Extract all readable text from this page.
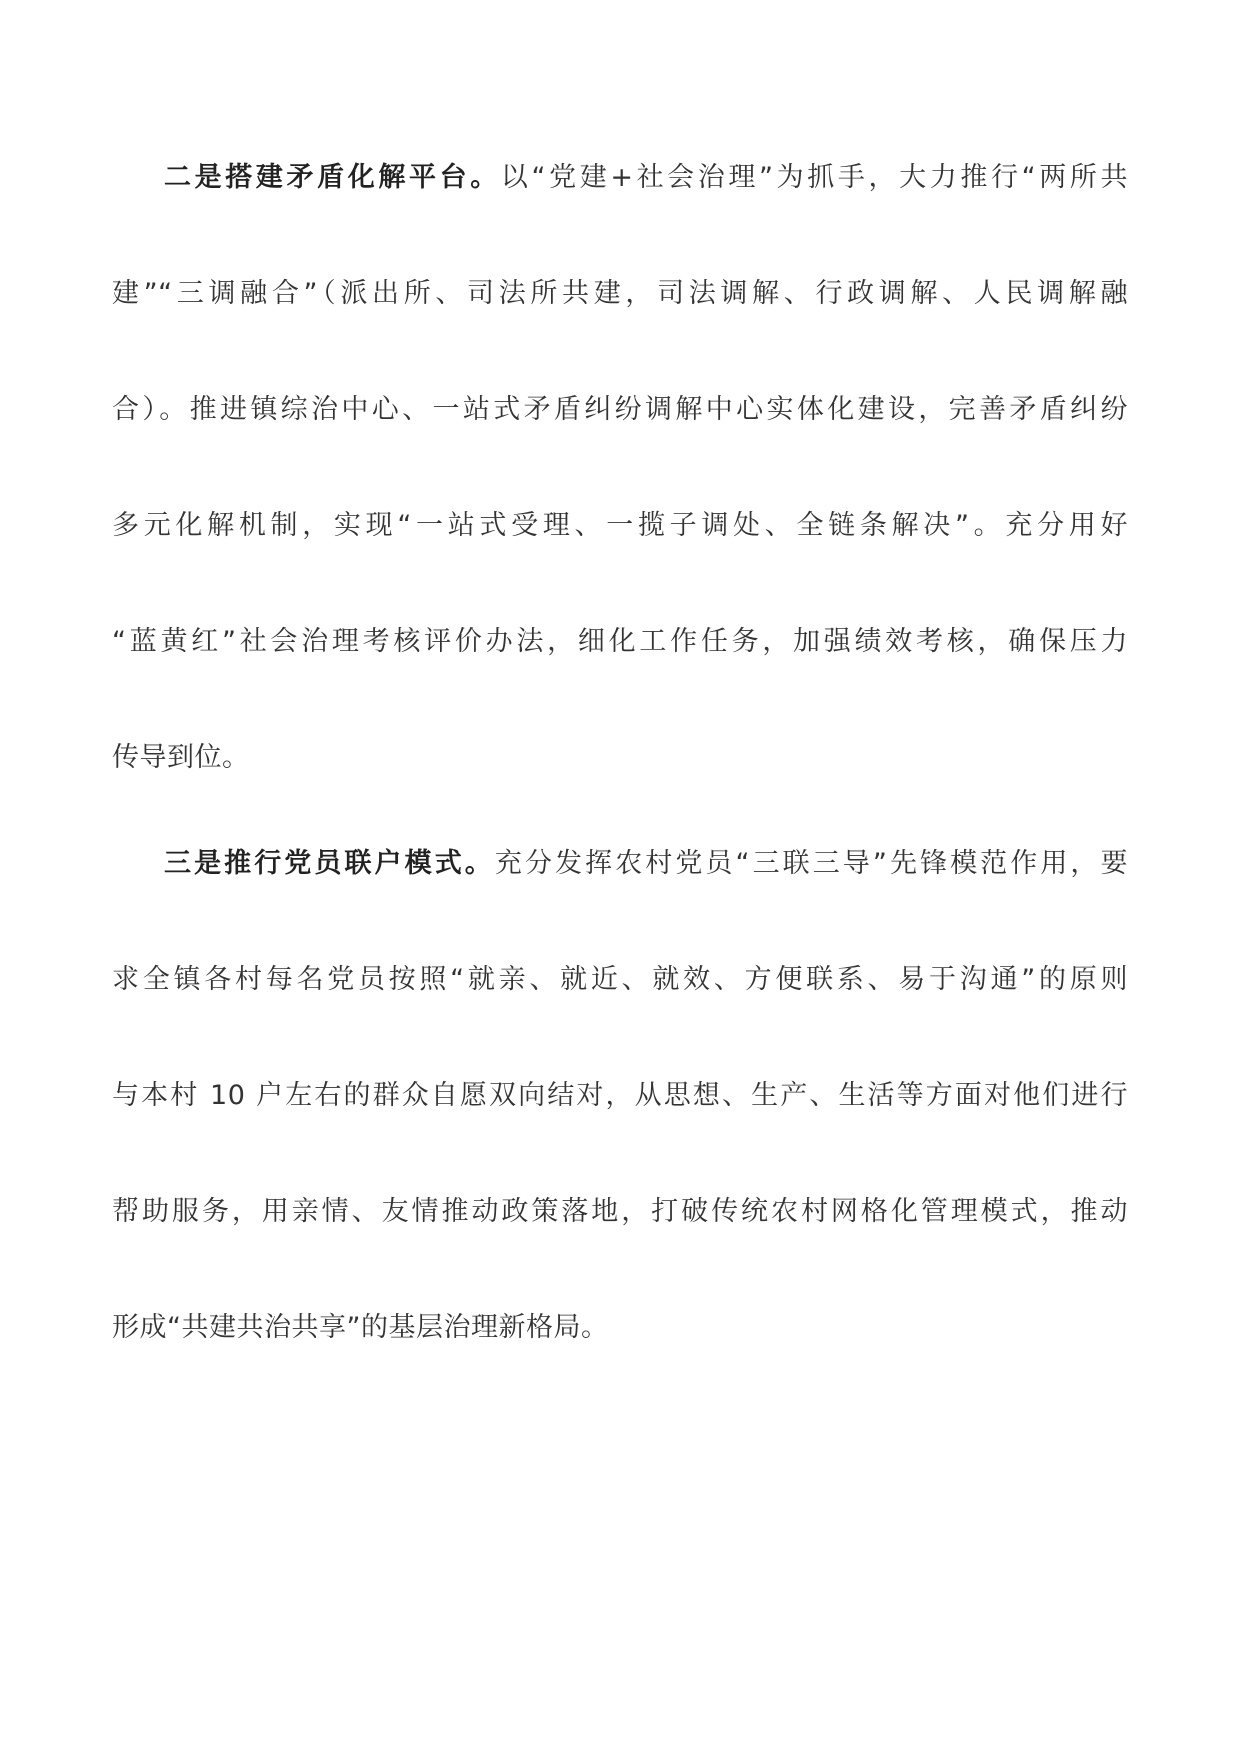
二是搭建矛盾化解平台。以“党建+社会治理”为抓手，大力推行“两所共
建”“三调融合”（派出所、司法所共建，司法调解、行政调解、人民调解融
合）。推进镇综治中心、一站式矛盾纠纷调解中心实体化建设，完善矛盾纠纷
多元化解机制，实现“一站式受理、一揽子调处、全链条解决”。充分用好
“蓝黄红”社会治理考核评价办法，细化工作任务，加强绩效考核，确保压力
传导到位。
三是推行党员联户模式。充分发挥农村党员“三联三导”先锋模范作用，要
求全镇各村每名党员按照“就亲、就近、就效、方便联系、易于沟通”的原则
与本村 10 户左右的群众自愿双向结对，从思想、生产、生活等方面对他们进行
帮助服务，用亲情、友情推动政策落地，打破传统农村网格化管理模式，推动
形成“共建共治共享”的基层治理新格局。
